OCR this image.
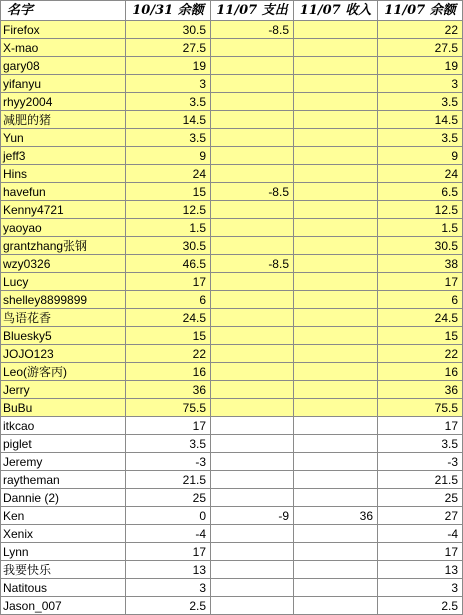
名字	10/31 余额	11/07 支出	11/07 收入	11/07 余额
Firefox	30.5	-8.5		22
X-mao	27.5			27.5
gary08	19			19
yifanyu	3			3
rhyy2004	3.5			3.5
减肥的猪	14.5			14.5
Yun	3.5			3.5
jeff3	9			9
Hins	24			24
havefun	15	-8.5		6.5
Kenny4721	12.5			12.5
yaoyao	1.5			1.5
grantzhang张钢	30.5			30.5
wzy0326	46.5	-8.5		38
Lucy	17			17
shelley8899899	6			6
鸟语花香	24.5			24.5
Bluesky5	15			15
JOJO123	22			22
Leo(游客丙)	16			16
Jerry	36			36
BuBu	75.5			75.5
itkcao	17			17
piglet	3.5			3.5
Jeremy	-3			-3
raytheman	21.5			21.5
Dannie (2)	25			25
Ken	0	-9	36	27
Xenix	-4			-4
Lynn	17			17
我要快乐	13			13
Natitous	3			3
Jason_007	2.5			2.5
